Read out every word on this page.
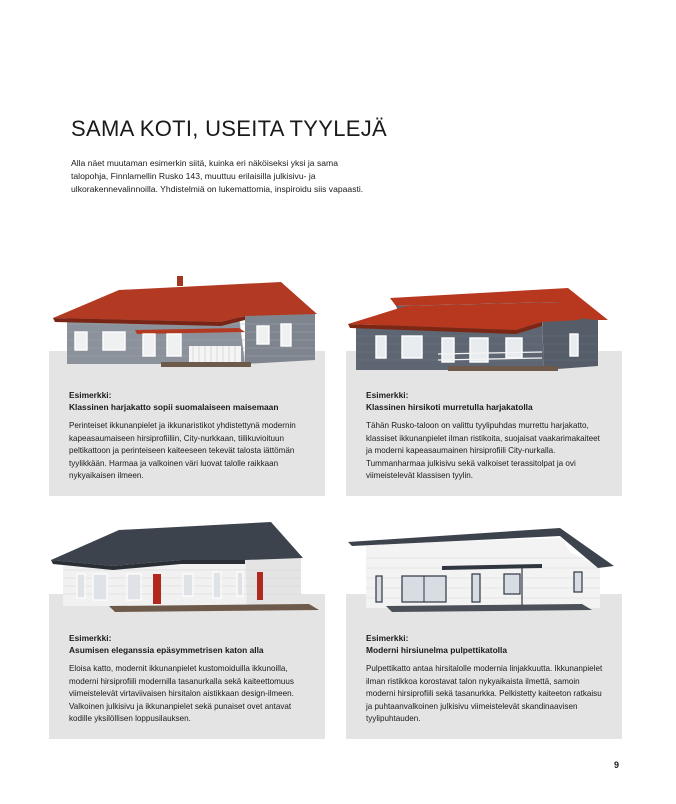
SAMA KOTI, USEITA TYYLEJÄ

Alla näet muutaman esimerkin siitä, kuinka eri näköiseksi yksi ja sama talopohja, Finnlamellin Rusko 143, muuttuu erilaisilla julkisivu- ja ulkorakennevalinnoilla. Yhdistelmiä on lukemattomia, inspiroidu siis vapaasti.

Esimerkki:

Klassinen harjakatto sopii suomalaiseen maisemaan

Perinteiset ikkunanpielet ja ikkunaristikot yhdistettynä modernin kapeasaumaiseen hirsiprofiiliin, City-nurkkaan, tiilikuvioituun peltikattoon ja perinteiseen kaiteeseen tekevät talosta iättömän tyylikkään. Harmaa ja valkoinen väri luovat talolle raikkaan nykyaikaisen ilmeen.

Esimerkki:

Klassinen hirsikoti murretulla harjakatolla

Tähän Rusko-taloon on valittu tyylipuhdas murrettu harjakatto, klassiset ikkunanpielet ilman ristikoita, suojaisat vaakarimakaiteet ja moderni kapeasaumainen hirsiprofiili City-nurkalla. Tummanharmaa julkisivu sekä valkoiset terassitolpat ja ovi viimeistelevät klassisen tyylin.

Esimerkki:

Asumisen eleganssia epäsymmetrisen katon alla

Eloisa katto, modernit ikkunanpielet kustomoiduilla ikkunoilla, moderni hirsiprofiili modernilla tasanurkalla sekä kaiteettomuus viimeistelevät virtaviivaisen hirsitalon aistikkaan design-ilmeen. Valkoinen julkisivu ja ikkunanpielet sekä punaiset ovet antavat kodille yksilöllisen loppusilauksen.

Esimerkki:

Moderni hirsiunelma pulpettikatolla

Pulpettikatto antaa hirsitalolle modernia linjakkuutta. Ikkunanpielet ilman ristikkoa korostavat talon nykyaikaista ilmettä, samoin moderni hirsiprofiili sekä tasanurkka. Pelkistetty kaiteeton ratkaisu ja puhtaanvalkoinen julkisivu viimeistelevät skandinaavisen tyylipuhtauden.

9
